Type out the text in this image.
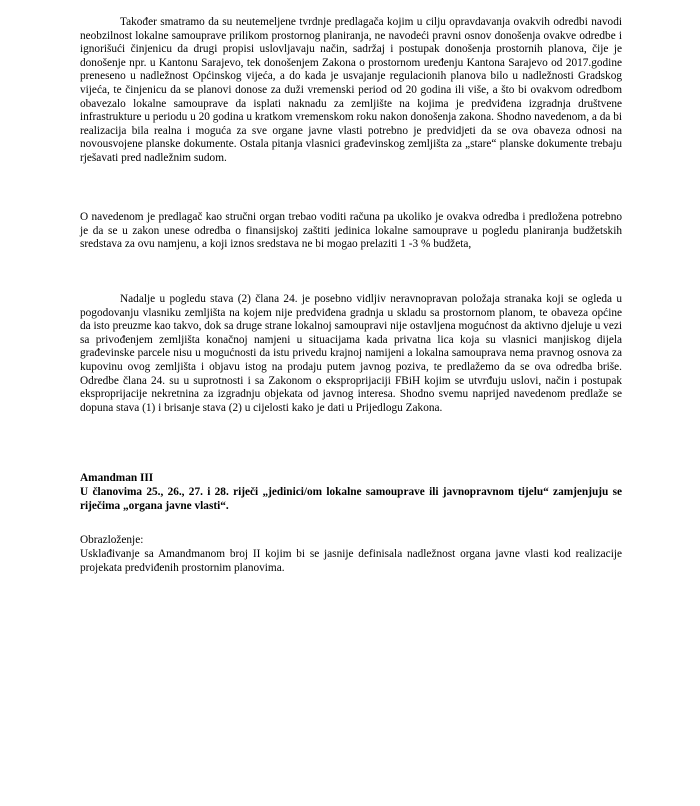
Također smatramo da su neutemeljene tvrdnje predlagača kojim u cilju opravdavanja ovakvih odredbi navodi neobzilnost lokalne samouprave prilikom prostornog planiranja, ne navodeći pravni osnov donošenja ovakve odredbe i ignorišući činjenicu da drugi propisi uslovljavaju način, sadržaj i postupak donošenja prostornih planova, čije je donošenje npr. u Kantonu Sarajevo, tek donošenjem Zakona o prostornom uređenju Kantona Sarajevo od 2017.godine preneseno u nadležnost Općinskog vijeća, a do kada je usvajanje regulacionih planova bilo u nadležnosti Gradskog vijeća, te činjenicu da se planovi donose za duži vremenski period od 20 godina ili više, a što bi ovakvom odredbom obavezalo lokalne samouprave da isplati naknadu za zemljište na kojima je predviđena izgradnja društvene infrastrukture u periodu u 20 godina u kratkom vremenskom roku nakon donošenja zakona. Shodno navedenom, a da bi realizacija bila realna i moguća za sve organe javne vlasti potrebno je predvidjeti da se ova obaveza odnosi na novousvojene planske dokumente. Ostala pitanja vlasnici građevinskog zemljišta za „stare“ planske dokumente trebaju rješavati pred nadležnim sudom.

O navedenom je predlagač kao stručni organ trebao voditi računa pa ukoliko je ovakva odredba i predložena potrebno je da se u zakon unese odredba o finansijskoj zaštiti jedinica lokalne samouprave u pogledu planiranja budžetskih sredstava za ovu namjenu, a koji iznos sredstava ne bi mogao prelaziti 1 -3 % budžeta,

Nadalje u pogledu stava (2) člana 24. je posebno vidljiv neravnopravan položaja stranaka koji se ogleda u pogodovanju vlasniku zemljišta na kojem nije predviđena gradnja u skladu sa prostornom planom, te obaveza općine da isto preuzme kao takvo, dok sa druge strane lokalnoj samoupravi nije ostavljena mogućnost da aktivno djeluje u vezi sa privođenjem zemljišta konačnoj namjeni u situacijama kada privatna lica koja su vlasnici manjiskog dijela građevinske parcele nisu u mogućnosti da istu privedu krajnoj namijeni a lokalna samouprava nema pravnog osnova za kupovinu ovog zemljišta i objavu istog na prodaju putem javnog poziva, te predlažemo da se ova odredba briše. Odredbe člana 24. su u suprotnosti i sa Zakonom o eksproprijaciji FBiH kojim se utvrđuju uslovi, način i postupak eksproprijacije nekretnina za izgradnju objekata od javnog interesa. Shodno svemu naprijed navedenom predlaže se dopuna stava (1) i brisanje stava (2) u cijelosti kako je dati u Prijedlogu Zakona.

Amandman III

U članovima 25., 26., 27. i 28. riječi „jedinici/om lokalne samouprave ili javnopravnom tijelu“ zamjenjuju se riječima „organa javne vlasti“.

Obrazloženje:

Usklađivanje sa Amandmanom broj II kojim bi se jasnije definisala nadležnost organa javne vlasti kod realizacije projekata predviđenih prostornim planovima.
